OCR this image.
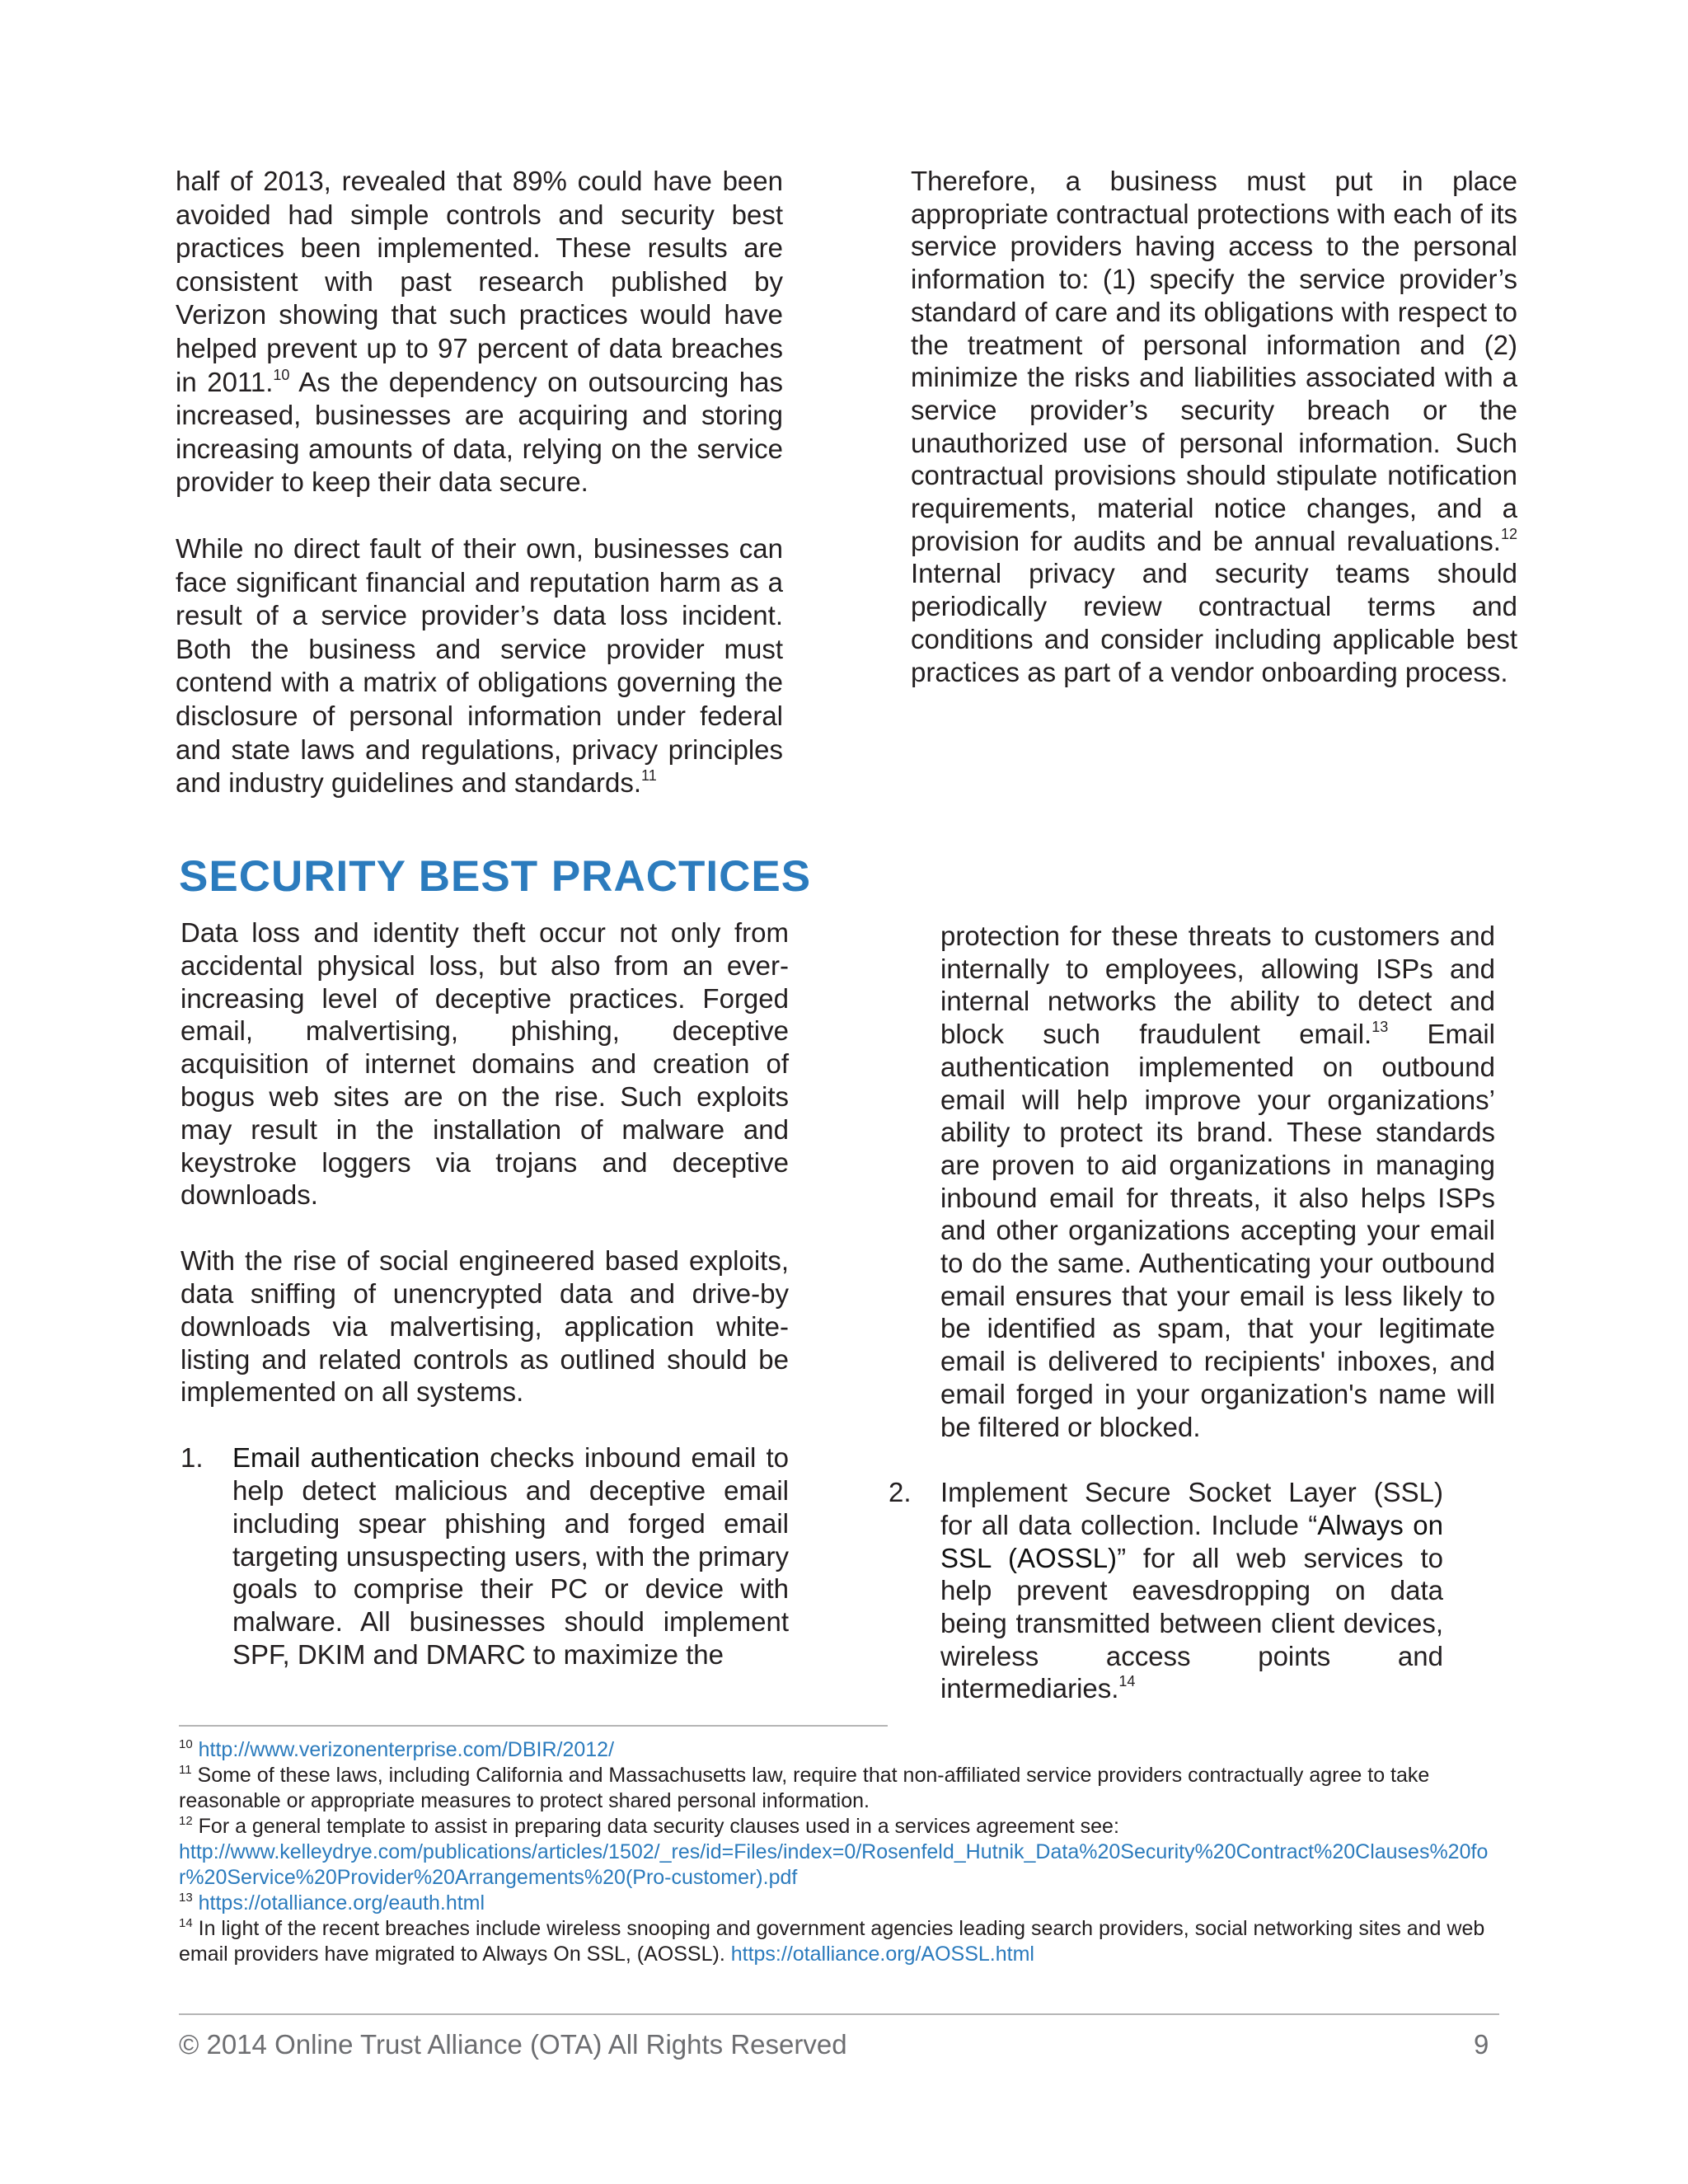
half of 2013, revealed that 89% could have been avoided had simple controls and security best practices been implemented. These results are consistent with past research published by Verizon showing that such practices would have helped prevent up to 97 percent of data breaches in 2011.10 As the dependency on outsourcing has increased, businesses are acquiring and storing increasing amounts of data, relying on the service provider to keep their data secure.

While no direct fault of their own, businesses can face significant financial and reputation harm as a result of a service provider’s data loss incident. Both the business and service provider must contend with a matrix of obligations governing the disclosure of personal information under federal and state laws and regulations, privacy principles and industry guidelines and standards.$^{11}$

Therefore, a business must put in place appropriate contractual protections with each of its service providers having access to the personal information to: (1) specify the service provider’s standard of care and its obligations with respect to the treatment of personal information and (2) minimize the risks and liabilities associated with a service provider’s security breach or the unauthorized use of personal information. Such contractual provisions should stipulate notification requirements, material notice changes, and a provision for audits and be annual revaluations.$^{12}$ Internal privacy and security teams should periodically review contractual terms and conditions and consider including applicable best practices as part of a vendor onboarding process.

SECURITY BEST PRACTICES

Data loss and identity theft occur not only from accidental physical loss, but also from an ever-increasing level of deceptive practices. Forged email, malvertising, phishing, deceptive acquisition of internet domains and creation of bogus web sites are on the rise. Such exploits may result in the installation of malware and keystroke loggers via trojans and deceptive downloads.

With the rise of social engineered based exploits, data sniffing of unencrypted data and drive-by downloads via malvertising, application white-listing and related controls as outlined should be implemented on all systems.

1. Email authentication checks inbound email to help detect malicious and deceptive email including spear phishing and forged email targeting unsuspecting users, with the primary goals to comprise their PC or device with malware. All businesses should implement SPF, DKIM and DMARC to maximize the

protection for these threats to customers and internally to employees, allowing ISPs and internal networks the ability to detect and block such fraudulent email.$^{13}$ Email authentication implemented on outbound email will help improve your organizations’ ability to protect its brand. These standards are proven to aid organizations in managing inbound email for threats, it also helps ISPs and other organizations accepting your email to do the same. Authenticating your outbound email ensures that your email is less likely to be identified as spam, that your legitimate email is delivered to recipients' inboxes, and email forged in your organization's name will be filtered or blocked.

2. Implement Secure Socket Layer (SSL) for all data collection. Include “Always on SSL (AOSSL)” for all web services to help prevent eavesdropping on data being transmitted between client devices, wireless access points and intermediaries.$^{14}$

$^{10}$ http://www.verizonenterprise.com/DBIR/2012/

$^{11}$ Some of these laws, including California and Massachusetts law, require that non-affiliated service providers contractually agree to take reasonable or appropriate measures to protect shared personal information.

$^{12}$ For a general template to assist in preparing data security clauses used in a services agreement see:
http://www.kelleydrye.com/publications/articles/1502/_res/id=Files/index=0/Rosenfeld_Hutnik_Data%20Security%20Contract%20Clauses%20for%20Service%20Provider%20Arrangements%20(Pro-customer).pdf

$^{13}$ https://otalliance.org/eauth.html

$^{14}$ In light of the recent breaches include wireless snooping and government agencies leading search providers, social networking sites and web email providers have migrated to Always On SSL, (AOSSL). https://otalliance.org/AOSSL.html

© 2014 Online Trust Alliance (OTA) All Rights Reserved	9
